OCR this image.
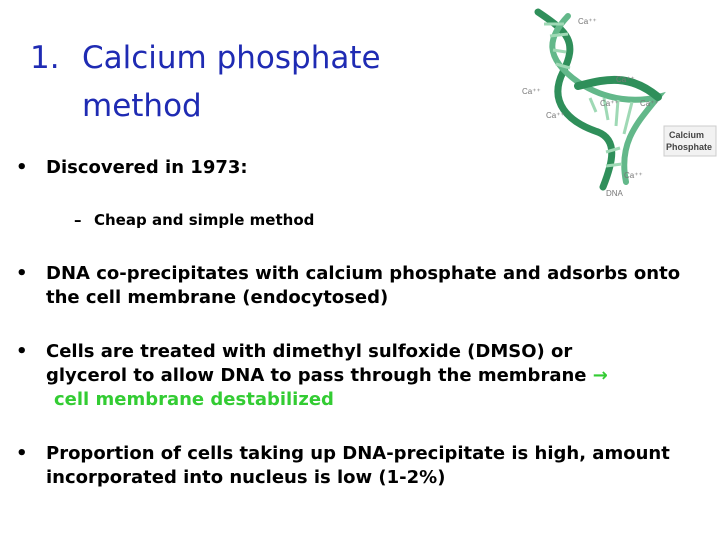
1. Calcium phosphate
method
Ca⁺⁺
Ca⁺⁺
Ca⁺⁺
Ca⁺⁺	Ca⁺⁺
Ca⁺⁺
Ca⁺⁺
DNA
Calcium
Phosphate
• Discovered in 1973:
– Cheap and simple method
• DNA co-precipitates with calcium phosphate and adsorbs onto the cell membrane (endocytosed)
• Cells are treated with dimethyl sulfoxide (DMSO) or
glycerol to allow DNA to pass through the membrane →
cell membrane destabilized
• Proportion of cells taking up DNA-precipitate is high, amount incorporated into nucleus is low (1-2%)
